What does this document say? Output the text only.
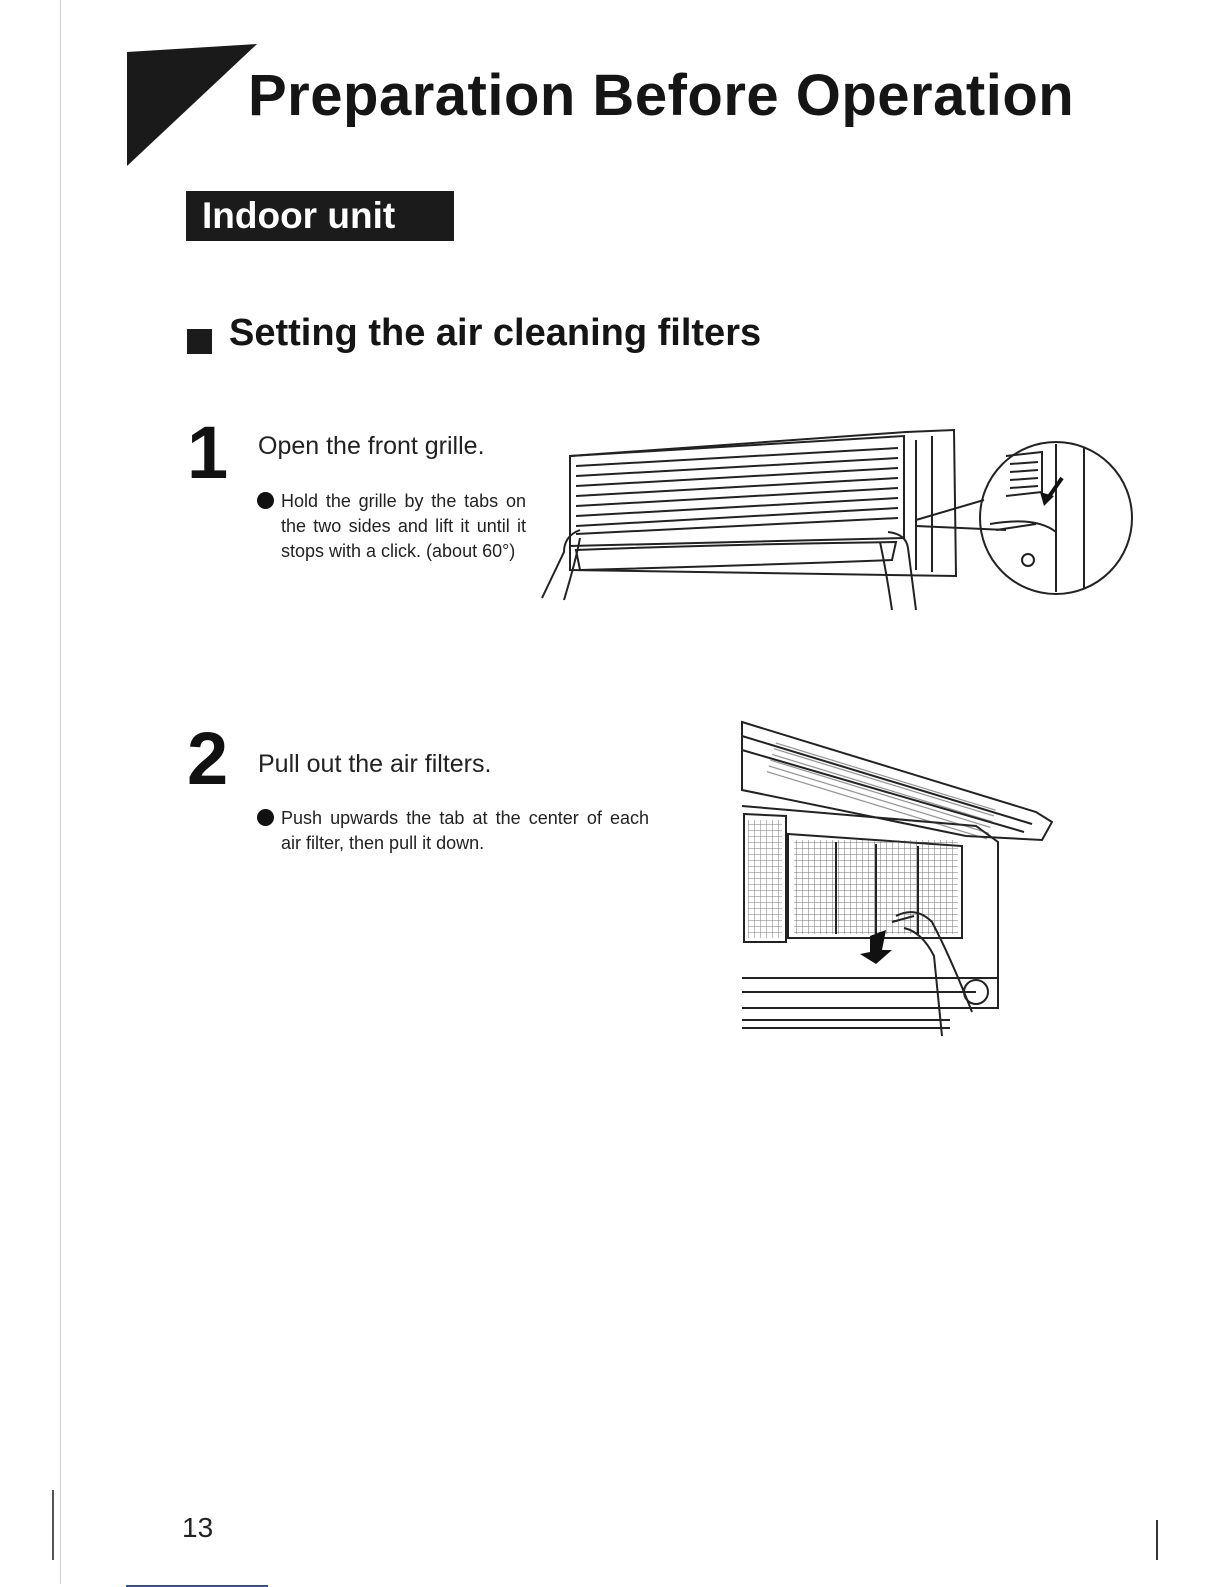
Preparation Before Operation
Indoor unit
Setting the air cleaning filters
1 Open the front grille.
Hold the grille by the tabs on the two sides and lift it until it stops with a click. (about 60°)
2 Pull out the air filters.
Push upwards the tab at the center of each air filter, then pull it down.
13
